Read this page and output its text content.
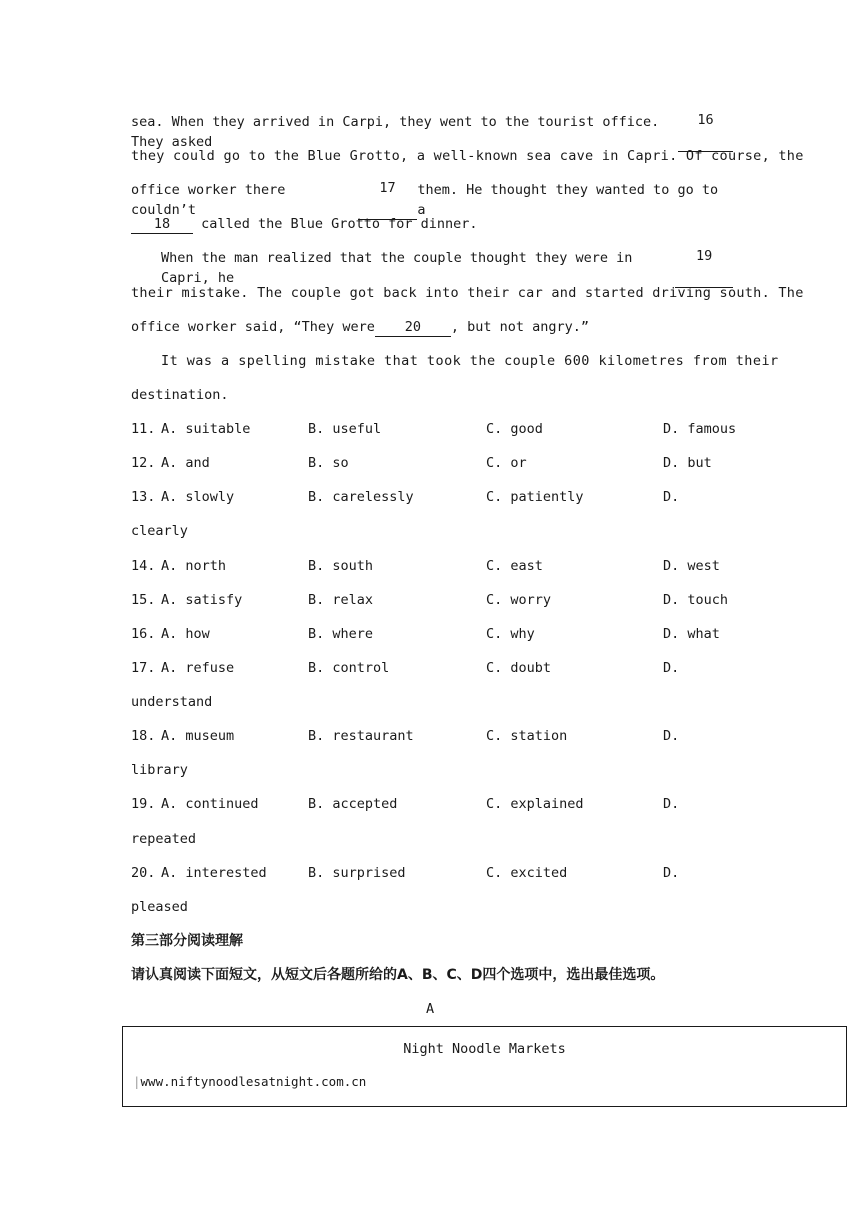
sea. When they arrived in Carpi, they went to the tourist office. They asked
16
they could go to the Blue Grotto, a well-known sea cave in Capri. Of course, the
office worker there couldn’t
17	them. He thought they wanted to go to a
18 called the Blue Grotto for dinner.
When the man realized that the couple thought they were in Capri, he
19
their mistake. The couple got back into their car and started driving south. The
office worker said, “They were 20 , but not angry.”
It was a spelling mistake that took the couple 600 kilometres from their
destination.
11. A. suitable	B. useful	C. good	D. famous
12. A. and	B. so	C. or	D. but
13. A. slowly	B. carelessly	C. patiently	D.
clearly
14. A. north	B. south	C. east	D. west
15. A. satisfy	B. relax	C. worry	D. touch
16. A. how	B. where	C. why	D. what
17. A. refuse	B. control	C. doubt	D.
understand
18. A. museum	B. restaurant	C. station	D.
library
19. A. continued	B. accepted	C. explained	D.
repeated
20. A. interested	B. surprised	C. excited	D.
pleased
第三部分阅读理解
请认真阅读下面短文，从短文后各题所给的A、B、C、D四个选项中，选出最佳选项。
A
Night Noodle Markets
|www.niftynoodlesatnight.com.cn
